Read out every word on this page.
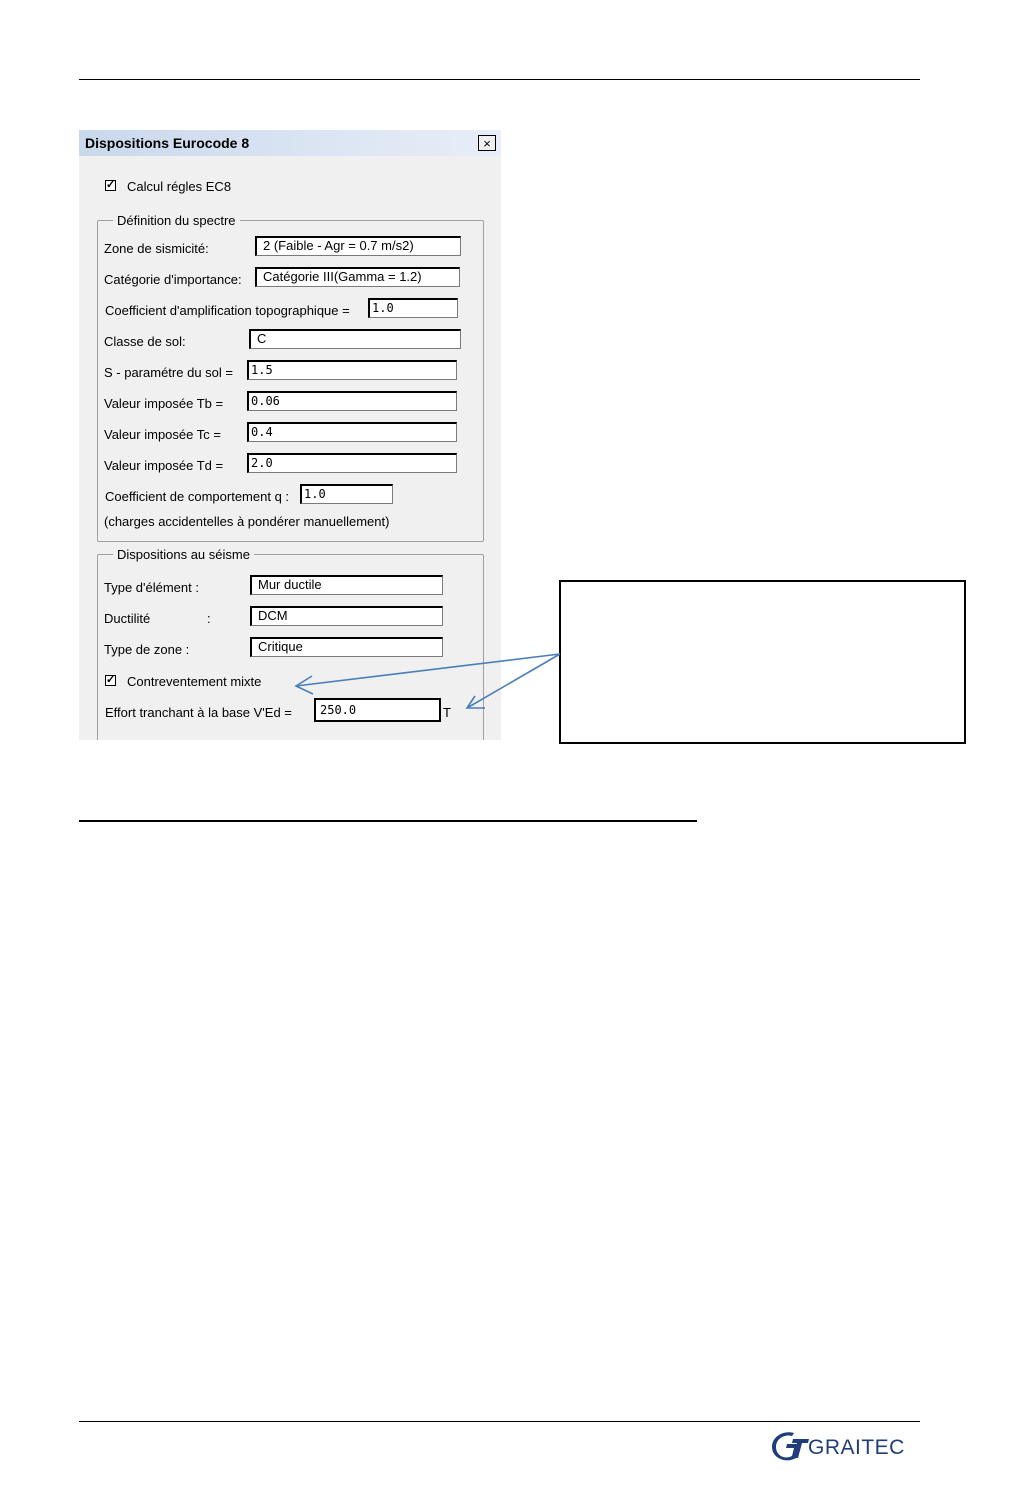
Dispositions Eurocode 8	×
✓ Calcul régles EC8
Définition du spectre
Zone de sismicité:	2 (Faible - Agr = 0.7 m/s2)
Catégorie d'importance:	Catégorie III(Gamma = 1.2)
Coefficient d'amplification topographique =	1.0
Classe de sol:	C
S - paramétre du sol =	1.5
Valeur imposée Tb =	0.06
Valeur imposée Tc =	0.4
Valeur imposée Td =	2.0
Coefficient de comportement q :	1.0
(charges accidentelles à pondérer manuellement)
Dispositions au séisme
Type d'élément :	Mur ductile
Ductilité	:	DCM
Type de zone :	Critique
✓ Contreventement mixte
Effort tranchant à la base V'Ed =	250.0	T
GRAITEC
